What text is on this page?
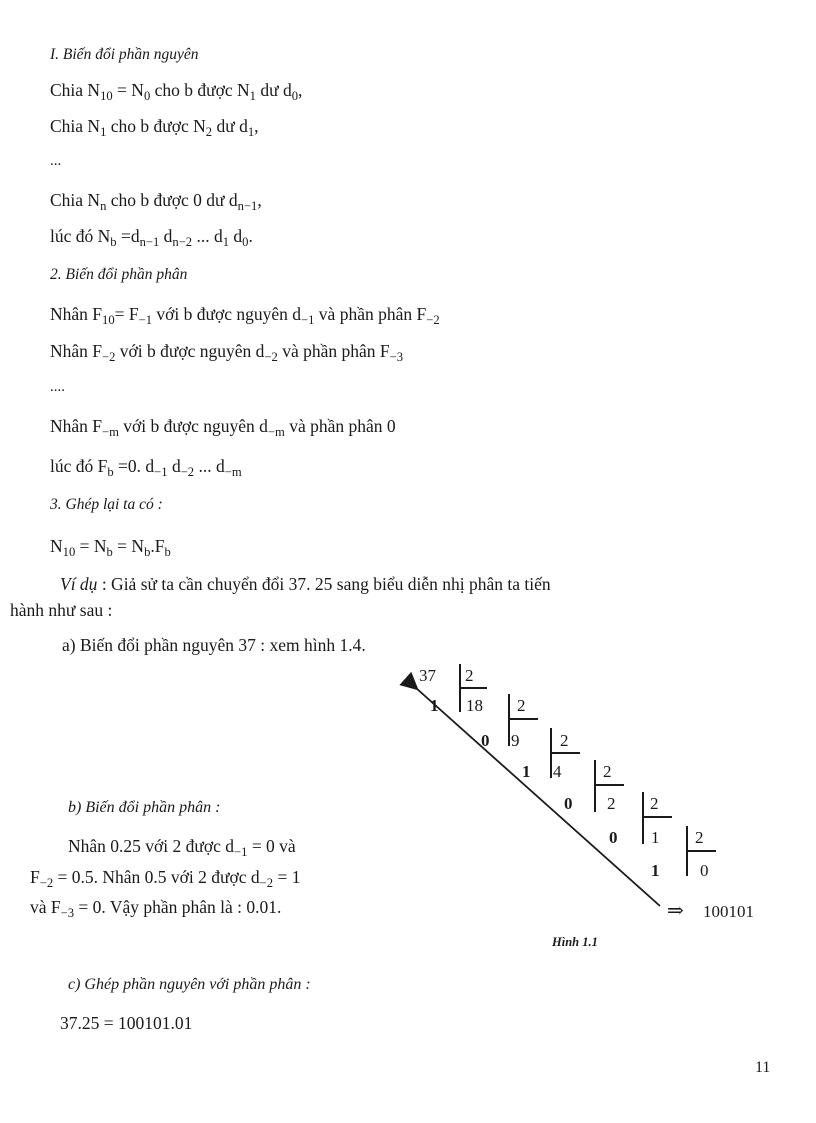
I. Biến đổi phần nguyên
Chia $N_{10} = N_0$ cho b được $N_1$ dư $d_0$,
Chia $N_1$ cho b được $N_2$ dư $d_1$,
...
Chia $N_n$ cho b được 0 dư $d_{n-1}$,
lúc đó $N_b =d_{n-1}$ $d_{n-2}$ ... $d_1$ $d_0$.
2. Biến đổi phần phân
Nhân $F_{10}= F_{-1}$ với b được nguyên $d_{-1}$ và phần phân $F_{-2}$
Nhân $F_{-2}$ với b được nguyên $d_{-2}$ và phần phân $F_{-3}$
....
Nhân $F_{-m}$ với b được nguyên $d_{-m}$ và phần phân 0
lúc đó $F_b =0$. $d_{-1}$ $d_{-2}$ ... $d_{-m}$
3. Ghép lại ta có :
$N_{10} = N_b = N_b.F_b$
Ví dụ : Giả sử ta cần chuyển đổi 37. 25 sang biểu diễn nhị phân ta tiến
hành như sau :
a) Biến đổi phần nguyên 37 : xem hình 1.4.
b) Biến đổi phần phân :
Nhân 0.25 với 2 được $d_{-1} = 0$ và
$F_{-2} = 0.5$. Nhân 0.5 với 2 được $d_{-2} = 1$
và $F_{-3} = 0$. Vậy phần phân là : 0.01.
37
18
9
4
2
1
0
2
2
2
2
2
2
1
0
1
0
0
1
⇒ 100101
Hình 1.1
c) Ghép phần nguyên với phần phân :
37.25 = 100101.01
11
